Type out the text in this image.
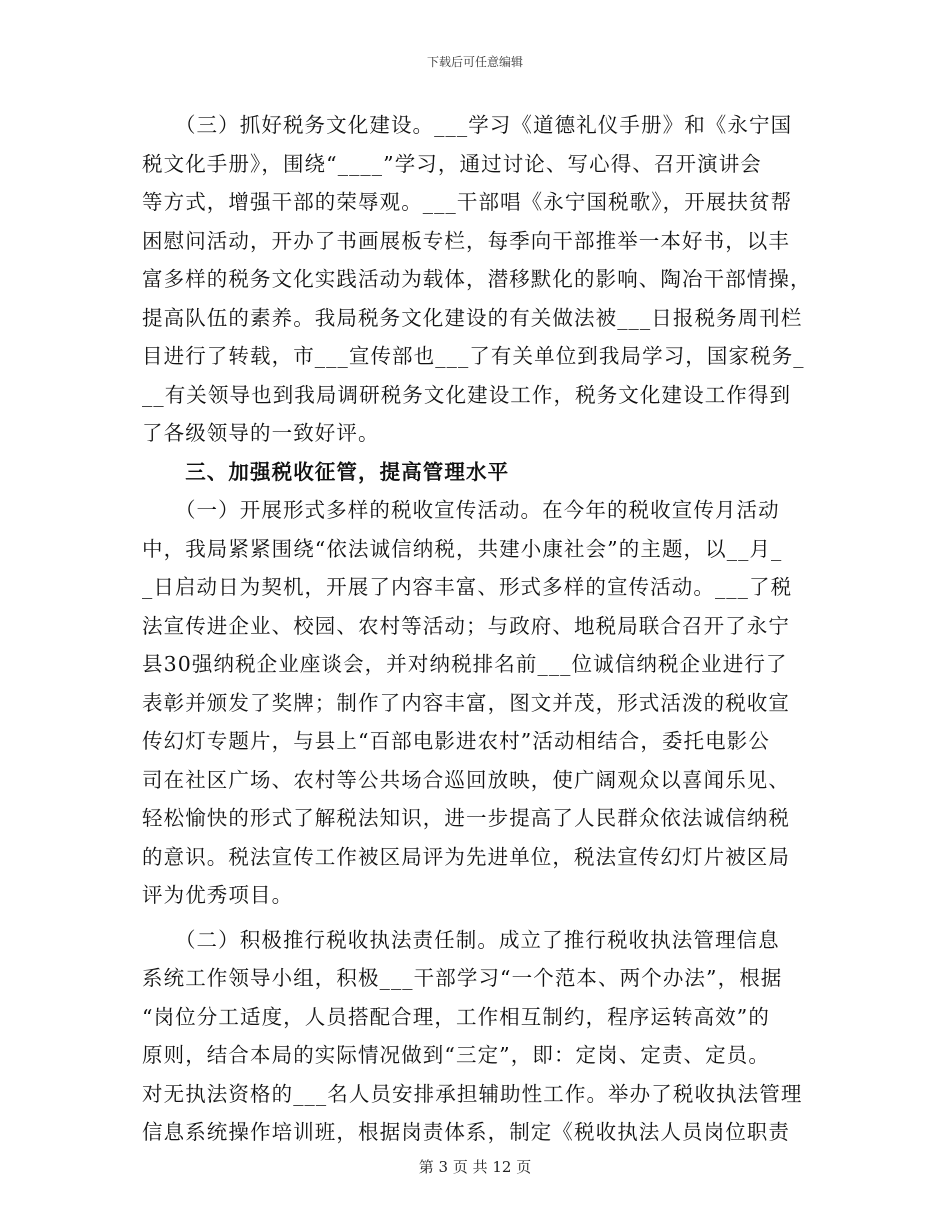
下载后可任意编辑
　　（三）抓好税务文化建设。___学习《道德礼仪手册》和《永宁国
税文化手册》，围绕“____”学习，通过讨论、写心得、召开演讲会
等方式，增强干部的荣辱观。___干部唱《永宁国税歌》，开展扶贫帮
困慰问活动，开办了书画展板专栏，每季向干部推举一本好书，以丰
富多样的税务文化实践活动为载体，潜移默化的影响、陶冶干部情操，
提高队伍的素养。我局税务文化建设的有关做法被___日报税务周刊栏
目进行了转载，市___宣传部也___了有关单位到我局学习，国家税务_
__有关领导也到我局调研税务文化建设工作，税务文化建设工作得到
了各级领导的一致好评。
　　三、加强税收征管，提高管理水平
　　（一）开展形式多样的税收宣传活动。在今年的税收宣传月活动
中，我局紧紧围绕“依法诚信纳税，共建小康社会”的主题，以__月_
_日启动日为契机，开展了内容丰富、形式多样的宣传活动。___了税
法宣传进企业、校园、农村等活动；与政府、地税局联合召开了永宁
县30强纳税企业座谈会，并对纳税排名前___位诚信纳税企业进行了
表彰并颁发了奖牌；制作了内容丰富，图文并茂，形式活泼的税收宣
传幻灯专题片，与县上“百部电影进农村”活动相结合，委托电影公
司在社区广场、农村等公共场合巡回放映，使广阔观众以喜闻乐见、
轻松愉快的形式了解税法知识，进一步提高了人民群众依法诚信纳税
的意识。税法宣传工作被区局评为先进单位，税法宣传幻灯片被区局
评为优秀项目。
　　（二）积极推行税收执法责任制。成立了推行税收执法管理信息
系统工作领导小组，积极___干部学习“一个范本、两个办法”，根据
“岗位分工适度，人员搭配合理，工作相互制约，程序运转高效”的
原则，结合本局的实际情况做到“三定”，即：定岗、定责、定员。
对无执法资格的___名人员安排承担辅助性工作。举办了税收执法管理
信息系统操作培训班，根据岗责体系，制定《税收执法人员岗位职责
第 3 页 共 12 页
